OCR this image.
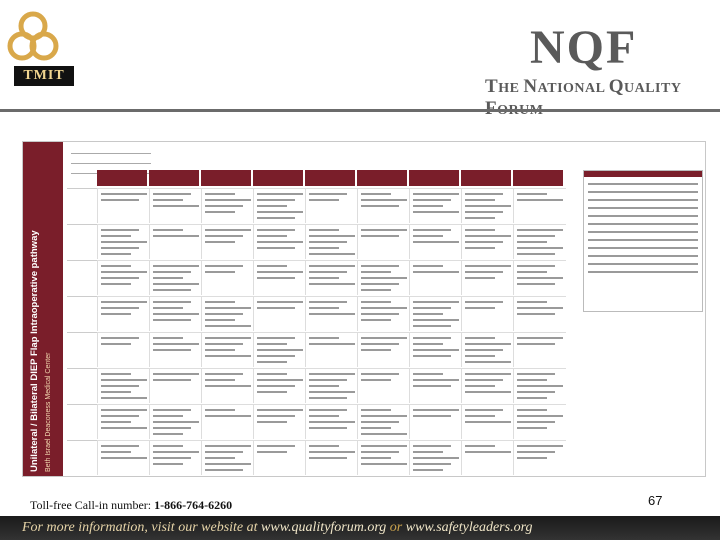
TMIT
NQF
THE NATIONAL QUALITY
Unilateral / Bilateral DIEP Flap Intraoperative pathway
Beth Israel Deaconess Medical Center
Toll-free Call-in number: 1-866-764-6260	67
For more information, visit our website at www.qualityforum.org or www.safetyleaders.org
